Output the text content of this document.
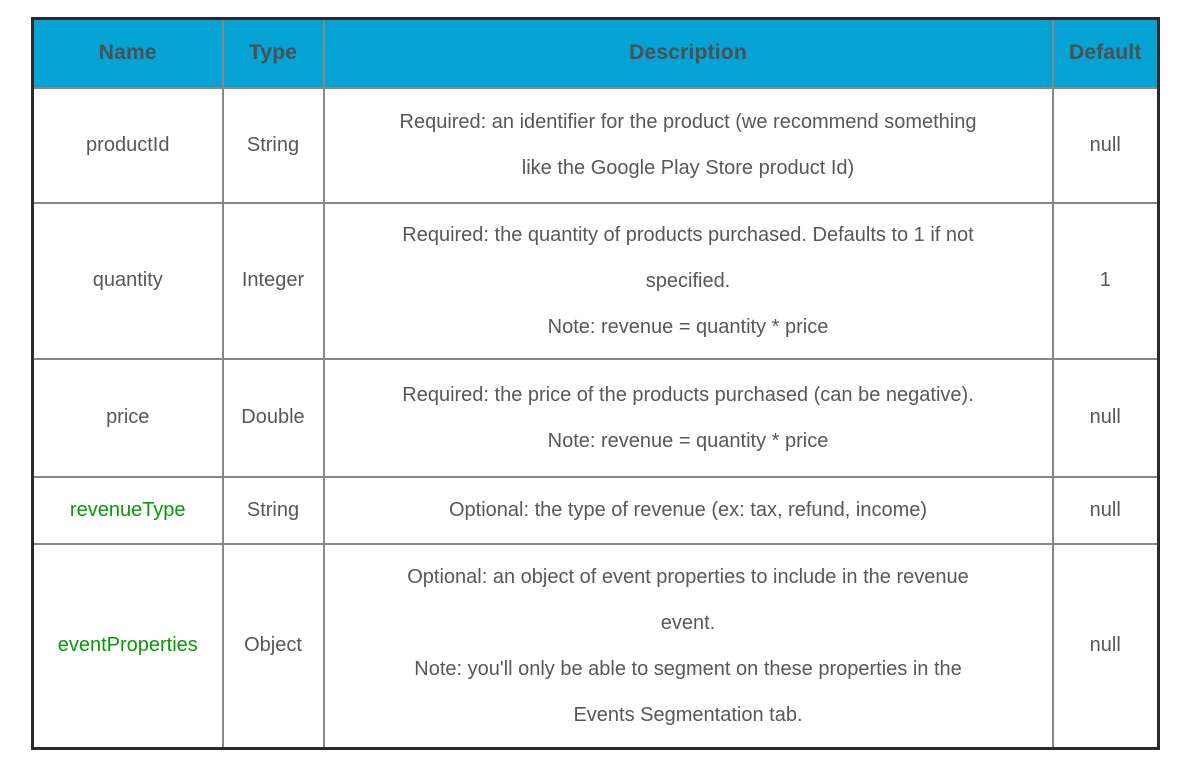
Name	Type	Description	Default
productId	String	Required: an identifier for the product (we recommend something
like the Google Play Store product Id)	null
quantity	Integer	Required: the quantity of products purchased. Defaults to 1 if not
specified.
Note: revenue = quantity * price	1
price	Double	Required: the price of the products purchased (can be negative).
Note: revenue = quantity * price	null
revenueType	String	Optional: the type of revenue (ex: tax, refund, income)	null
eventProperties	Object	Optional: an object of event properties to include in the revenue
event.
Note: you'll only be able to segment on these properties in the
Events Segmentation tab.	null
